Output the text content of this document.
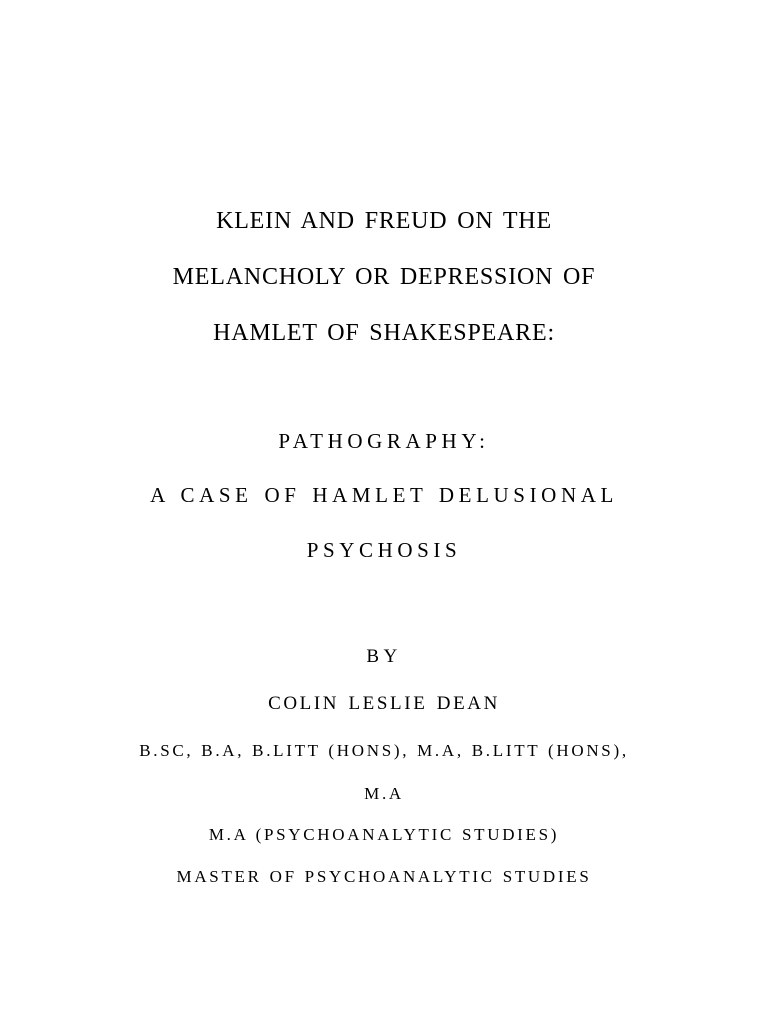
KLEIN AND FREUD ON THE
MELANCHOLY OR DEPRESSION OF
HAMLET OF SHAKESPEARE:
PATHOGRAPHY:
A CASE OF HAMLET DELUSIONAL
PSYCHOSIS
BY
COLIN LESLIE DEAN
B.SC, B.A, B.LITT (HONS), M.A, B.LITT (HONS),
M.A
M.A (PSYCHOANALYTIC STUDIES)
MASTER OF PSYCHOANALYTIC STUDIES
